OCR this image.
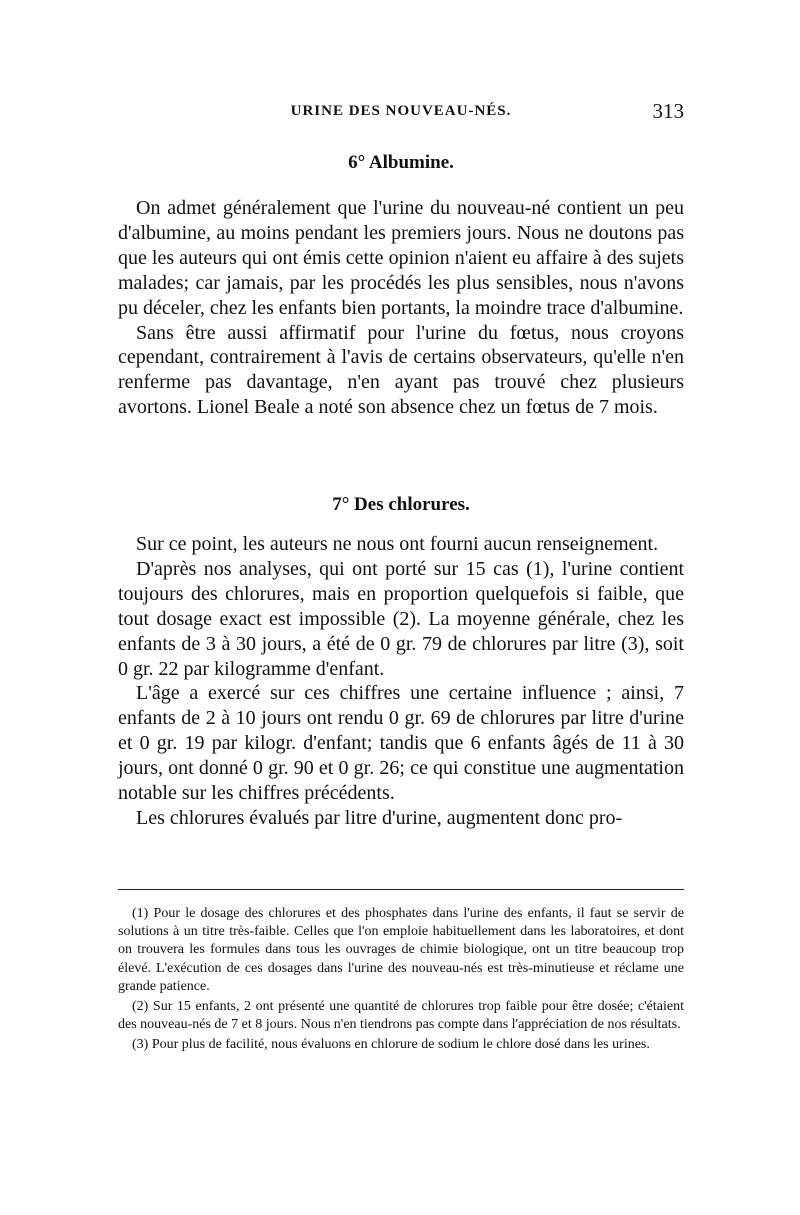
URINE DES NOUVEAU-NÉS.	313
6° Albumine.

On admet généralement que l'urine du nouveau-né contient un peu d'albumine, au moins pendant les premiers jours. Nous ne doutons pas que les auteurs qui ont émis cette opinion n'aient eu affaire à des sujets malades; car jamais, par les procédés les plus sensibles, nous n'avons pu déceler, chez les enfants bien portants, la moindre trace d'albumine.

Sans être aussi affirmatif pour l'urine du fœtus, nous croyons cependant, contrairement à l'avis de certains observateurs, qu'elle n'en renferme pas davantage, n'en ayant pas trouvé chez plusieurs avortons. Lionel Beale a noté son absence chez un fœtus de 7 mois.

7° Des chlorures.

Sur ce point, les auteurs ne nous ont fourni aucun renseignement.

D'après nos analyses, qui ont porté sur 15 cas (1), l'urine contient toujours des chlorures, mais en proportion quelquefois si faible, que tout dosage exact est impossible (2). La moyenne générale, chez les enfants de 3 à 30 jours, a été de 0 gr. 79 de chlorures par litre (3), soit 0 gr. 22 par kilogramme d'enfant.

L'âge a exercé sur ces chiffres une certaine influence ; ainsi, 7 enfants de 2 à 10 jours ont rendu 0 gr. 69 de chlorures par litre d'urine et 0 gr. 19 par kilogr. d'enfant; tandis que 6 enfants âgés de 11 à 30 jours, ont donné 0 gr. 90 et 0 gr. 26; ce qui constitue une augmentation notable sur les chiffres précédents.

Les chlorures évalués par litre d'urine, augmentent donc pro-

(1) Pour le dosage des chlorures et des phosphates dans l'urine des enfants, il faut se servir de solutions à un titre très-faible. Celles que l'on emploie habituellement dans les laboratoires, et dont on trouvera les formules dans tous les ouvrages de chimie biologique, ont un titre beaucoup trop élevé. L'exécution de ces dosages dans l'urine des nouveau-nés est très-minutieuse et réclame une grande patience.

(2) Sur 15 enfants, 2 ont présenté une quantité de chlorures trop faible pour être dosée; c'étaient des nouveau-nés de 7 et 8 jours. Nous n'en tiendrons pas compte dans l'appréciation de nos résultats.

(3) Pour plus de facilité, nous évaluons en chlorure de sodium le chlore dosé dans les urines.
